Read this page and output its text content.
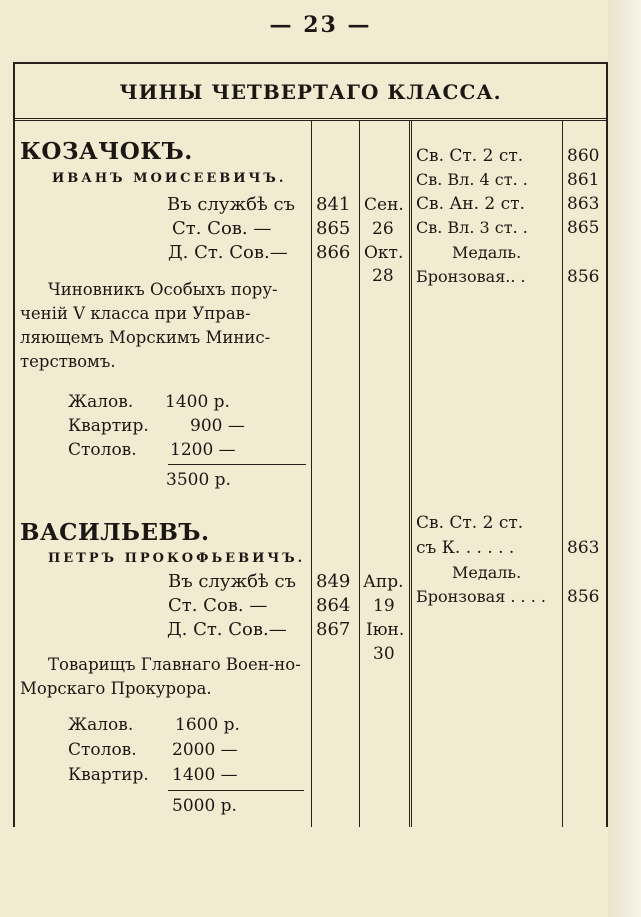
— 23 —
ЧИНЫ ЧЕТВЕРТАГО КЛАССА.
КОЗАЧОКЪ.
ИВАНЪ МОИСЕЕВИЧЪ.
Въ службѣ съ 841 Сен.
Ст. Сов. — 865 26
Д. Ст. Сов.— 866 Окт.
28
Чиновникъ Особыхъ пору-ченій V класса при Управ-ляющемъ Морскимъ Минис-терствомъ.
Жалов. 1400 р.
Квартир. 900 —
Столов. 1200 —
3500 р.
Св. Ст. 2 ст.	860
Св. Вл. 4 ст. . 861
Св. Ан. 2 ст. 863
Св. Вл. 3 ст. . 865
Медаль.
Бронзовая.. . 856
ВАСИЛЬЕВЪ.
ПЕТРЪ ПРОКОФЬЕВИЧЪ.
Въ службѣ съ 849 Апр.
Ст. Сов. —	864 19
Д. Ст. Сов.— 867 Іюн.
30
Товарищъ Главнаго Воен-но-Морскаго Прокурора.
Жалов. 1600 р.
Столов. 2000 —
Квартир. 1400 —
5000 р.
Св. Ст. 2 ст.
съ К. . . . . .	863
Медаль.
Бронзовая . . . . 856
